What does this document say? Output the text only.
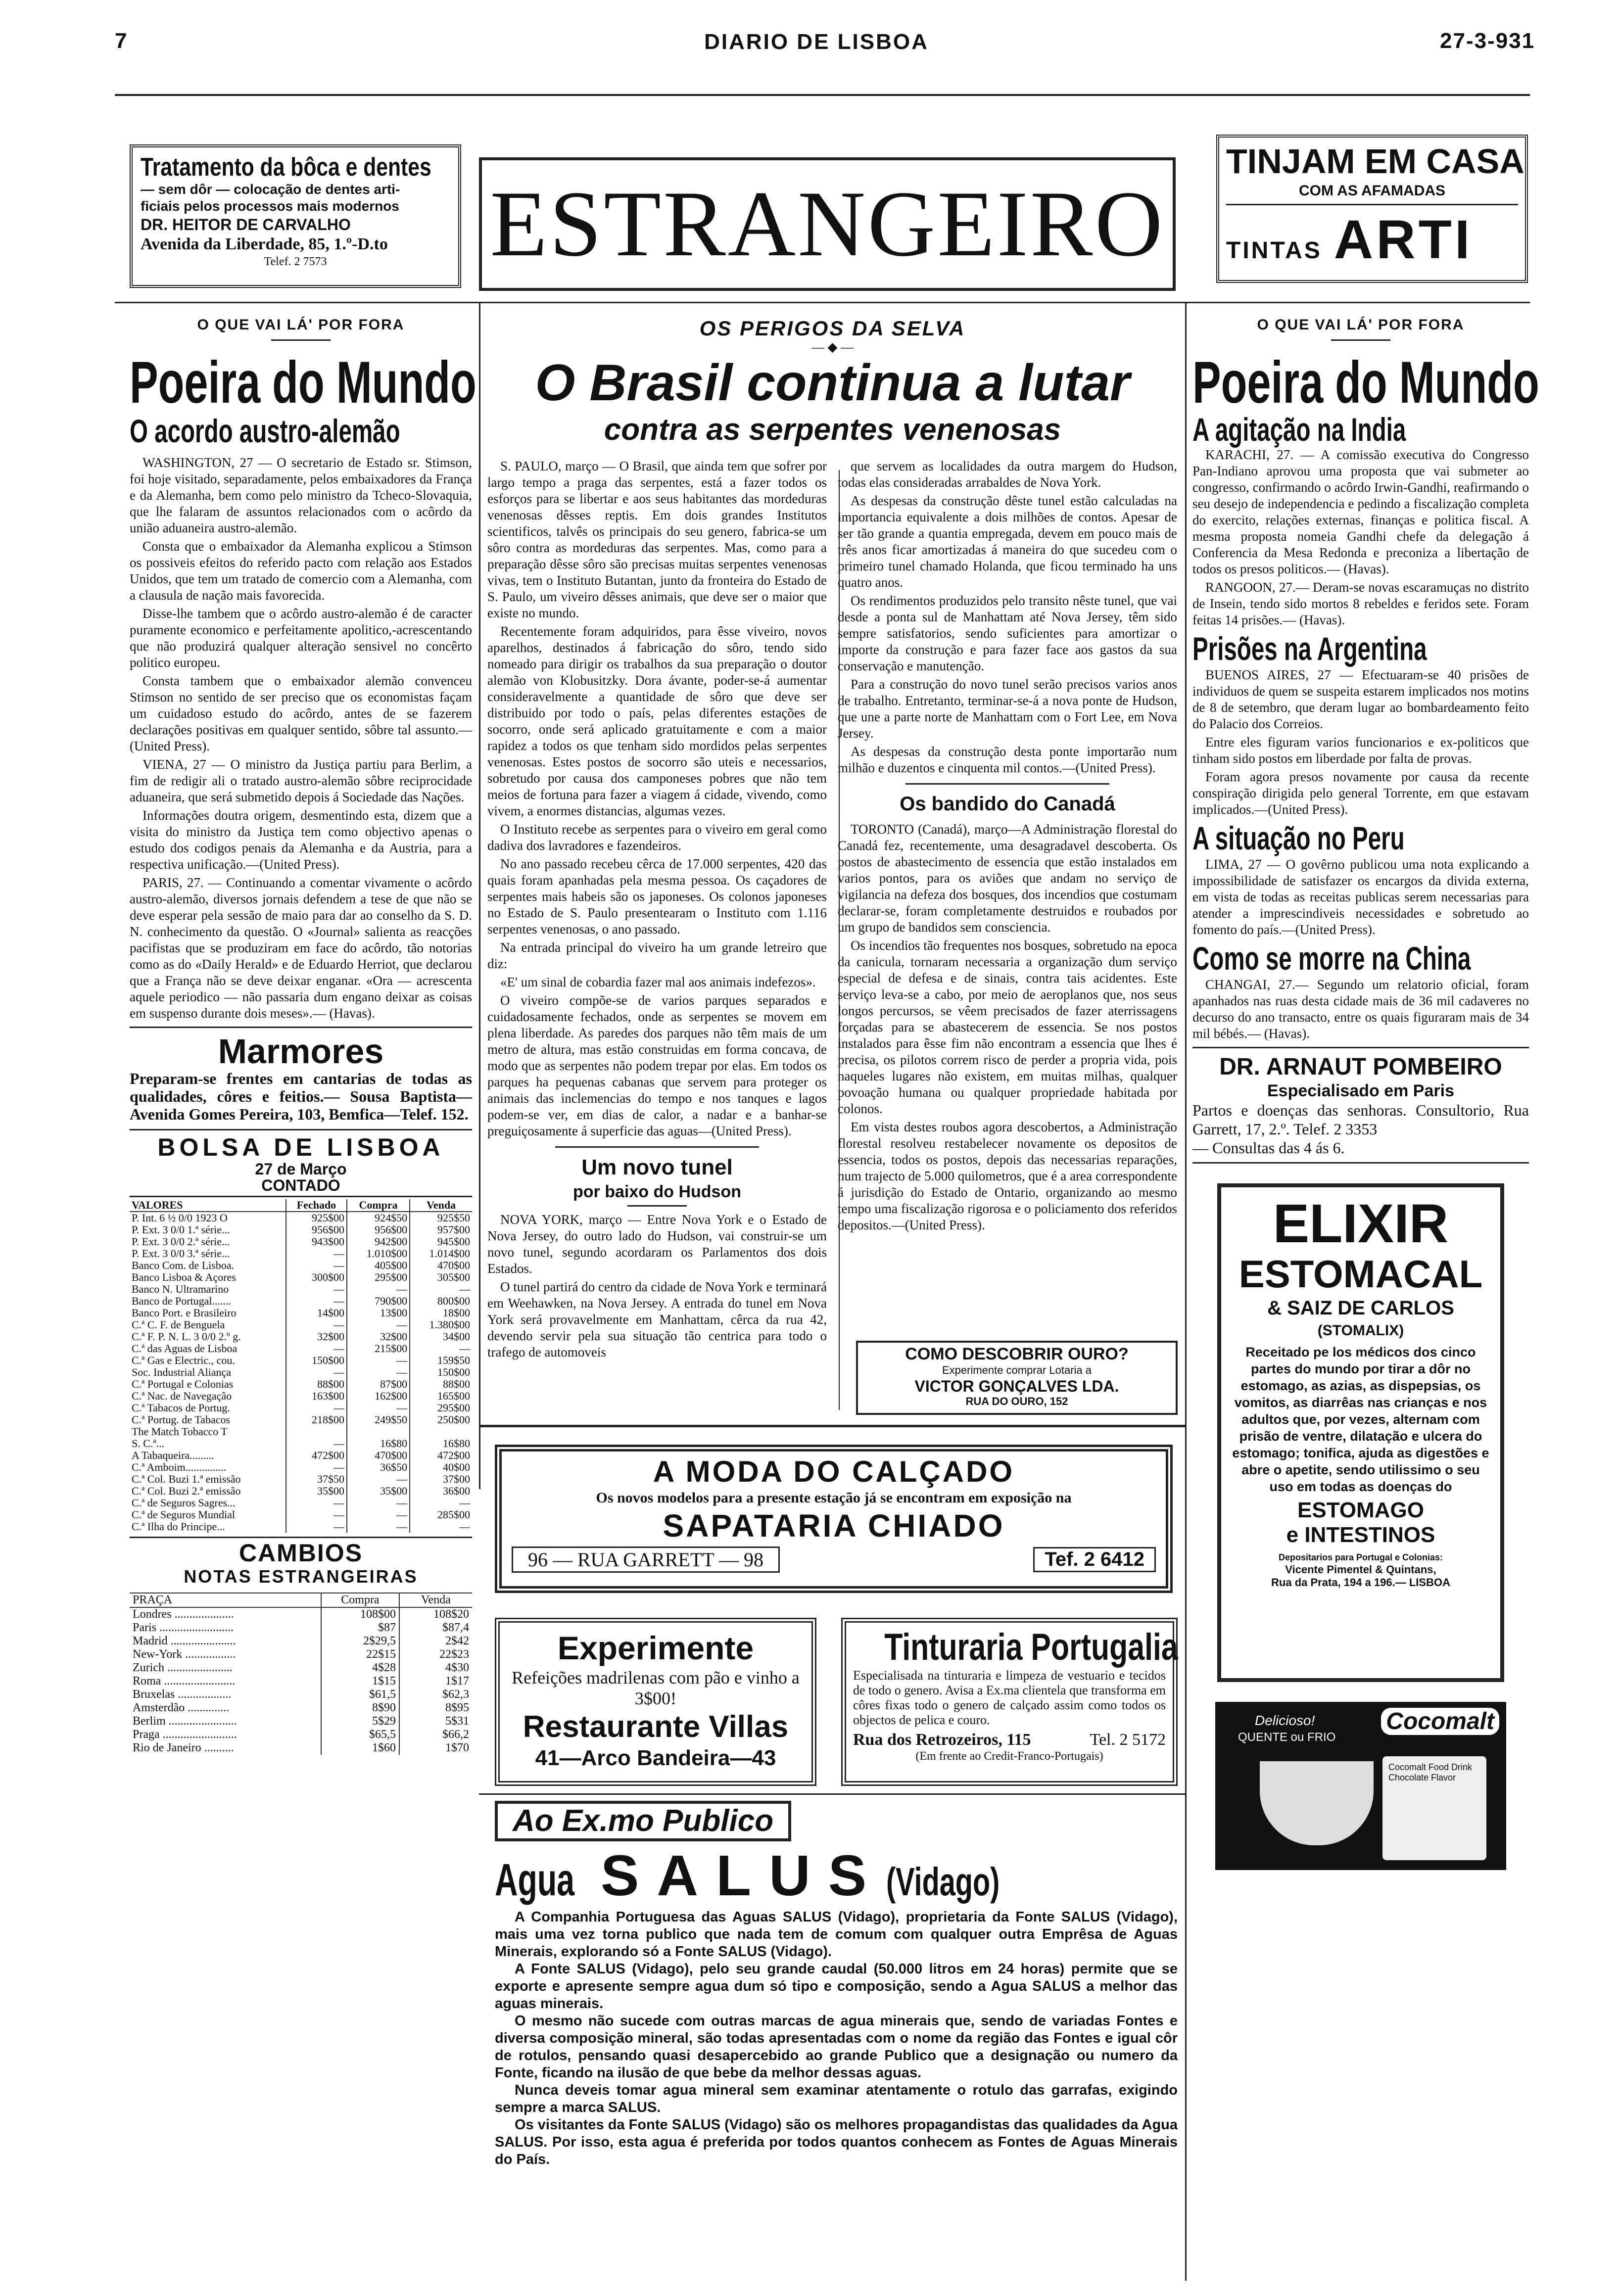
7	DIARIO DE LISBOA	27-3-931
Tratamento da bôca e dentes
— sem dôr — colocação de dentes arti-
ficiais pelos processos mais modernos
DR. HEITOR DE CARVALHO
Avenida da Liberdade, 85, 1.º-D.to
Telef. 2 7573	ESTRANGEIRO
TINJAM EM CASA
COM AS AFAMADAS
TINTAS ARTI
O QUE VAI LÁ' POR FORA
Poeira do Mundo
O acordo austro-alemão

WASHINGTON, 27 — O secretario de Estado sr. Stimson, foi hoje visitado, separadamente, pelos embaixadores da França e da Alemanha, bem como pelo ministro da Tcheco-Slovaquia, que lhe falaram de assuntos relacionados com o acôrdo da união aduaneira austro-alemão.

Consta que o embaixador da Alemanha explicou a Stimson os possiveis efeitos do referido pacto com relação aos Estados Unidos, que tem um tratado de comercio com a Alemanha, com a clausula de nação mais favorecida.

Disse-lhe tambem que o acôrdo austro-alemão é de caracter puramente economico e perfeitamente apolitico,-acrescentando que não produzirá qualquer alteração sensivel no concêrto politico europeu.

Consta tambem que o embaixador alemão convenceu Stimson no sentido de ser preciso que os economistas façam um cuidadoso estudo do acôrdo, antes de se fazerem declarações positivas em qualquer sentido, sôbre tal assunto.—(United Press).

VIENA, 27 — O ministro da Justiça partiu para Berlim, a fim de redigir ali o tratado austro-alemão sôbre reciprocidade aduaneira, que será submetido depois á Sociedade das Nações.

Informações doutra origem, desmentindo esta, dizem que a visita do ministro da Justiça tem como objectivo apenas o estudo dos codigos penais da Alemanha e da Austria, para a respectiva unificação.—(United Press).

PARIS, 27. — Continuando a comentar vivamente o acôrdo austro-alemão, diversos jornais defendem a tese de que não se deve esperar pela sessão de maio para dar ao conselho da S. D. N. conhecimento da questão. O «Journal» salienta as reacções pacifistas que se produziram em face do acôrdo, tão notorias como as do «Daily Herald» e de Eduardo Herriot, que declarou que a França não se deve deixar enganar. «Ora — acrescenta aquele periodico — não passaria dum engano deixar as coisas em suspenso durante dois meses».— (Havas).

Marmores
Preparam-se frentes em cantarias de todas as qualidades, côres e feitios.— Sousa Baptista— Avenida Gomes Pereira, 103, Bemfica—Telef. 152.
BOLSA DE LISBOA
27 de Março
CONTADO
VALORES	Fechado	Compra	Venda
P. Int. 6 ½ 0/0 1923 O	925$00	924$50	925$50
P. Ext. 3 0/0 1.ª série...	956$00	956$00	957$00
P. Ext. 3 0/0 2.ª série...	943$00	942$00	945$00
P. Ext. 3 0/0 3.ª série...	—	1.010$00	1.014$00
Banco Com. de Lisboa.	—	405$00	470$00
Banco Lisboa & Açores	300$00	295$00	305$00
Banco N. Ultramarino	—	—	—
Banco de Portugal.......	—	790$00	800$00
Banco Port. e Brasileiro	14$00	13$00	18$00
C.ª C. F. de Benguela	—	—	1.380$00
C.ª F. P. N. L. 3 0/0 2.º g.	32$00	32$00	34$00
C.ª das Aguas de Lisboa	—	215$00	—
C.ª Gas e Electric., cou.	150$00	—	159$50
Soc. Industrial Aliança	—	—	150$00
C.ª Portugal e Colonias	88$00	87$00	88$00
C.ª Nac. de Navegação	163$00	162$00	165$00
C.ª Tabacos de Portug.	—	—	295$00
C.ª Portug. de Tabacos	218$00	249$50	250$00
The Match Tobacco T			
S. C.ª...	—	16$80	16$80
A Tabaqueira.........	472$00	470$00	472$00
C.ª Amboim...............	—	36$50	40$00
C.ª Col. Buzi 1.ª emissão	37$50	—	37$00
C.ª Col. Buzi 2.ª emissão	35$00	35$00	36$00
C.ª de Seguros Sagres...	—	—	—
C.ª de Seguros Mundial	—	—	285$00
C.ª Ilha do Principe...	—	—	—
CAMBIOS
NOTAS ESTRANGEIRAS
PRAÇA	Compra	Venda
Londres ....................	108$00	108$20
Paris .........................	$87	$87,4
Madrid ......................	2$29,5	2$42
New-York .................	22$15	22$23
Zurich ......................	4$28	4$30
Roma ........................	1$15	1$17
Bruxelas ..................	$61,5	$62,3
Amsterdão ..............	8$90	8$95
Berlim .......................	5$29	5$31
Praga .........................	$65,5	$66,2
Rio de Janeiro ..........	1$60	1$70
OS PERIGOS DA SELVA
— ◆ —
O Brasil continua a lutar
contra as serpentes venenosas

S. PAULO, março — O Brasil, que ainda tem que sofrer por largo tempo a praga das serpentes, está a fazer todos os esforços para se libertar e aos seus habitantes das mordeduras venenosas dêsses reptis. Em dois grandes Institutos scientificos, talvês os principais do seu genero, fabrica-se um sôro contra as mordeduras das serpentes. Mas, como para a preparação dêsse sôro são precisas muitas serpentes venenosas vivas, tem o Instituto Butantan, junto da fronteira do Estado de S. Paulo, um viveiro dêsses animais, que deve ser o maior que existe no mundo.

Recentemente foram adquiridos, para êsse viveiro, novos aparelhos, destinados á fabricação do sôro, tendo sido nomeado para dirigir os trabalhos da sua preparação o doutor alemão von Klobusitzky. Dora ávante, poder-se-á aumentar consideravelmente a quantidade de sôro que deve ser distribuido por todo o país, pelas diferentes estações de socorro, onde será aplicado gratuitamente e com a maior rapidez a todos os que tenham sido mordidos pelas serpentes venenosas. Estes postos de socorro são uteis e necessarios, sobretudo por causa dos camponeses pobres que não tem meios de fortuna para fazer a viagem á cidade, vivendo, como vivem, a enormes distancias, algumas vezes.

O Instituto recebe as serpentes para o viveiro em geral como dadiva dos lavradores e fazendeiros.

No ano passado recebeu cêrca de 17.000 serpentes, 420 das quais foram apanhadas pela mesma pessoa. Os caçadores de serpentes mais habeis são os japoneses. Os colonos japoneses no Estado de S. Paulo presentearam o Instituto com 1.116 serpentes venenosas, o ano passado.

Na entrada principal do viveiro ha um grande letreiro que diz:

«E' um sinal de cobardia fazer mal aos animais indefezos».

O viveiro compõe-se de varios parques separados e cuidadosamente fechados, onde as serpentes se movem em plena liberdade. As paredes dos parques não têm mais de um metro de altura, mas estão construidas em forma concava, de modo que as serpentes não podem trepar por elas. Em todos os parques ha pequenas cabanas que servem para proteger os animais das inclemencias do tempo e nos tanques e lagos podem-se ver, em dias de calor, a nadar e a banhar-se preguiçosamente á superficie das aguas—(United Press).

Um novo tunel
por baixo do Hudson

NOVA YORK, março — Entre Nova York e o Estado de Nova Jersey, do outro lado do Hudson, vai construir-se um novo tunel, segundo acordaram os Parlamentos dos dois Estados.

O tunel partirá do centro da cidade de Nova York e terminará em Weehawken, na Nova Jersey. A entrada do tunel em Nova York será provavelmente em Manhattam, cêrca da rua 42, devendo servir pela sua situação tão centrica para todo o trafego de automoveis

que servem as localidades da outra margem do Hudson, todas elas consideradas arrabaldes de Nova York.

As despesas da construção dêste tunel estão calculadas na importancia equivalente a dois milhões de contos. Apesar de ser tão grande a quantia empregada, devem em pouco mais de três anos ficar amortizadas á maneira do que sucedeu com o primeiro tunel chamado Holanda, que ficou terminado ha uns quatro anos.

Os rendimentos produzidos pelo transito nêste tunel, que vai desde a ponta sul de Manhattam até Nova Jersey, têm sido sempre satisfatorios, sendo suficientes para amortizar o importe da construção e para fazer face aos gastos da sua conservação e manutenção.

Para a construção do novo tunel serão precisos varios anos de trabalho. Entretanto, terminar-se-á a nova ponte de Hudson, que une a parte norte de Manhattam com o Fort Lee, em Nova Jersey.

As despesas da construção desta ponte importarão num milhão e duzentos e cinquenta mil contos.—(United Press).

Os bandido do Canadá

TORONTO (Canadá), março—A Administração florestal do Canadá fez, recentemente, uma desagradavel descoberta. Os postos de abastecimento de essencia que estão instalados em varios pontos, para os aviões que andam no serviço de vigilancia na defeza dos bosques, dos incendios que costumam declarar-se, foram completamente destruidos e roubados por um grupo de bandidos sem consciencia.

Os incendios tão frequentes nos bosques, sobretudo na epoca da canicula, tornaram necessaria a organização dum serviço especial de defesa e de sinais, contra tais acidentes. Este serviço leva-se a cabo, por meio de aeroplanos que, nos seus longos percursos, se vêem precisados de fazer aterrissagens forçadas para se abastecerem de essencia. Se nos postos instalados para êsse fim não encontram a essencia que lhes é precisa, os pilotos correm risco de perder a propria vida, pois naqueles lugares não existem, em muitas milhas, qualquer povoação humana ou qualquer propriedade habitada por colonos.

Em vista destes roubos agora descobertos, a Administração florestal resolveu restabelecer novamente os depositos de essencia, todos os postos, depois das necessarias reparações, num trajecto de 5.000 quilometros, que é a area correspondente á jurisdição do Estado de Ontario, organizando ao mesmo tempo uma fiscalização rigorosa e o policiamento dos referidos depositos.—(United Press).

O QUE VAI LÁ' POR FORA
Poeira do Mundo
A agitação na India

KARACHI, 27. — A comissão executiva do Congresso Pan-Indiano aprovou uma proposta que vai submeter ao congresso, confirmando o acôrdo Irwin-Gandhi, reafirmando o seu desejo de independencia e pedindo a fiscalização completa do exercito, relações externas, finanças e politica fiscal. A mesma proposta nomeia Gandhi chefe da delegação á Conferencia da Mesa Redonda e preconiza a libertação de todos os presos politicos.— (Havas).

RANGOON, 27.— Deram-se novas escaramuças no distrito de Insein, tendo sido mortos 8 rebeldes e feridos sete. Foram feitas 14 prisões.— (Havas).

Prisões na Argentina

BUENOS AIRES, 27 — Efectuaram-se 40 prisões de individuos de quem se suspeita estarem implicados nos motins de 8 de setembro, que deram lugar ao bombardeamento feito do Palacio dos Correios.

Entre eles figuram varios funcionarios e ex-politicos que tinham sido postos em liberdade por falta de provas.

Foram agora presos novamente por causa da recente conspiração dirigida pelo general Torrente, em que estavam implicados.—(United Press).

A situação no Peru

LIMA, 27 — O govêrno publicou uma nota explicando a impossibilidade de satisfazer os encargos da divida externa, em vista de todas as receitas publicas serem necessarias para atender a imprescindiveis necessidades e sobretudo ao fomento do país.—(United Press).

Como se morre na China

CHANGAI, 27.— Segundo um relatorio oficial, foram apanhados nas ruas desta cidade mais de 36 mil cadaveres no decurso do ano transacto, entre os quais figuraram mais de 34 mil bébés.— (Havas).

DR. ARNAUT POMBEIRO
Especialisado em Paris
Partos e doenças das senhoras. Consultorio, Rua Garrett, 17, 2.º. Telef. 2 3353
— Consultas das 4 ás 6.
ELIXIR
ESTOMACAL
& SAIZ DE CARLOS
(STOMALIX)
Receitado pe los médicos dos cinco partes do mundo por tirar a dôr no estomago, as azias, as dispepsias, os vomitos, as diarrêas nas crianças e nos adultos que, por vezes, alternam com prisão de ventre, dilatação e ulcera do estomago; tonifica, ajuda as digestões e abre o apetite, sendo utilissimo o seu uso em todas as doenças do
ESTOMAGO
e INTESTINOS
Depositarios para Portugal e Colonias:
Vicente Pimentel & Quintans,
Rua da Prata, 194 a 196.— LISBOA
Delicioso!
QUENTE ou FRIO
Cocomalt
Cocomalt Food Drink Chocolate Flavor
COMO DESCOBRIR OURO?
Experimente comprar Lotaria a
VICTOR GONÇALVES LDA.
RUA DO OURO, 152
A MODA DO CALÇADO
Os novos modelos para a presente estação já se encontram em exposição na
SAPATARIA CHIADO
96 — RUA GARRETT — 98	Tef. 2 6412
Experimente
Refeições madrilenas com pão e vinho a 3$00!
Restaurante Villas
41—Arco Bandeira—43
Tinturaria Portugalia
Especialisada na tinturaria e limpeza de vestuario e tecidos de todo o genero. Avisa a Ex.ma clientela que transforma em côres fixas todo o genero de calçado assim como todos os objectos de pelica e couro.
Rua dos Retrozeiros, 115	Tel. 2 5172
(Em frente ao Credit-Franco-Portugais)
Ao Ex.mo Publico
Agua SALUS (Vidago)

A Companhia Portuguesa das Aguas SALUS (Vidago), proprietaria da Fonte SALUS (Vidago), mais uma vez torna publico que nada tem de comum com qualquer outra Emprêsa de Aguas Minerais, explorando só a Fonte SALUS (Vidago).

A Fonte SALUS (Vidago), pelo seu grande caudal (50.000 litros em 24 horas) permite que se exporte e apresente sempre agua dum só tipo e composição, sendo a Agua SALUS a melhor das aguas minerais.

O mesmo não sucede com outras marcas de agua minerais que, sendo de variadas Fontes e diversa composição mineral, são todas apresentadas com o nome da região das Fontes e igual côr de rotulos, pensando quasi desapercebido ao grande Publico que a designação ou numero da Fonte, ficando na ilusão de que bebe da melhor dessas aguas.

Nunca deveis tomar agua mineral sem examinar atentamente o rotulo das garrafas, exigindo sempre a marca SALUS.

Os visitantes da Fonte SALUS (Vidago) são os melhores propagandistas das qualidades da Agua SALUS. Por isso, esta agua é preferida por todos quantos conhecem as Fontes de Aguas Minerais do País.
